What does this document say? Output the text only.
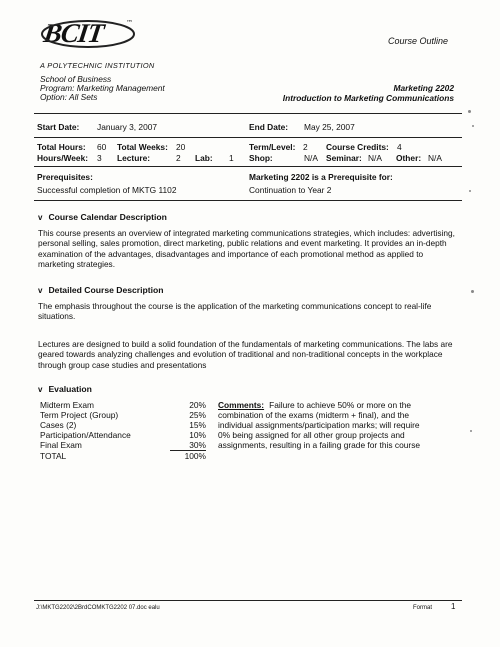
BCIT	™
A POLYTECHNIC INSTITUTION
Course Outline
School of Business
Program: Marketing Management
Option: All Sets
Marketing 2202
Introduction to Marketing Communications
Start Date: January 3, 2007	End Date: May 25, 2007
Total Hours: 60 Total Weeks: 20	Term/Level: 2 Course Credits: 4
Hours/Week: 3 Lecture:	2 Lab: 1 Shop:	N/A Seminar: N/A Other: N/A
Prerequisites:
Successful completion of MKTG 1102
Marketing 2202 is a Prerequisite for:
Continuation to Year 2
v Course Calendar Description
This course presents an overview of integrated marketing communications strategies, which includes: advertising, personal selling, sales promotion, direct marketing, public relations and event marketing. It provides an in-depth examination of the advantages, disadvantages and importance of each promotional method as applied to marketing strategies.
v Detailed Course Description
The emphasis throughout the course is the application of the marketing communications concept to real-life situations.
Lectures are designed to build a solid foundation of the fundamentals of marketing communications. The labs are geared towards analyzing challenges and evolution of traditional and non-traditional concepts in the workplace through group case studies and presentations
v Evaluation
Midterm Exam	20%
Term Project (Group)	25%
Cases (2)	15%
Participation/Attendance	10%
Final Exam	30%
TOTAL	100%
Comments: Failure to achieve 50% or more on the
combination of the exams (midterm + final), and the
individual assignments/participation marks; will require
0% being assigned for all other group projects and
assignments, resulting in a failing grade for this course
J:\MKTG2202\2BrdCOMKTG2202 07.doc ealu	Format 1
